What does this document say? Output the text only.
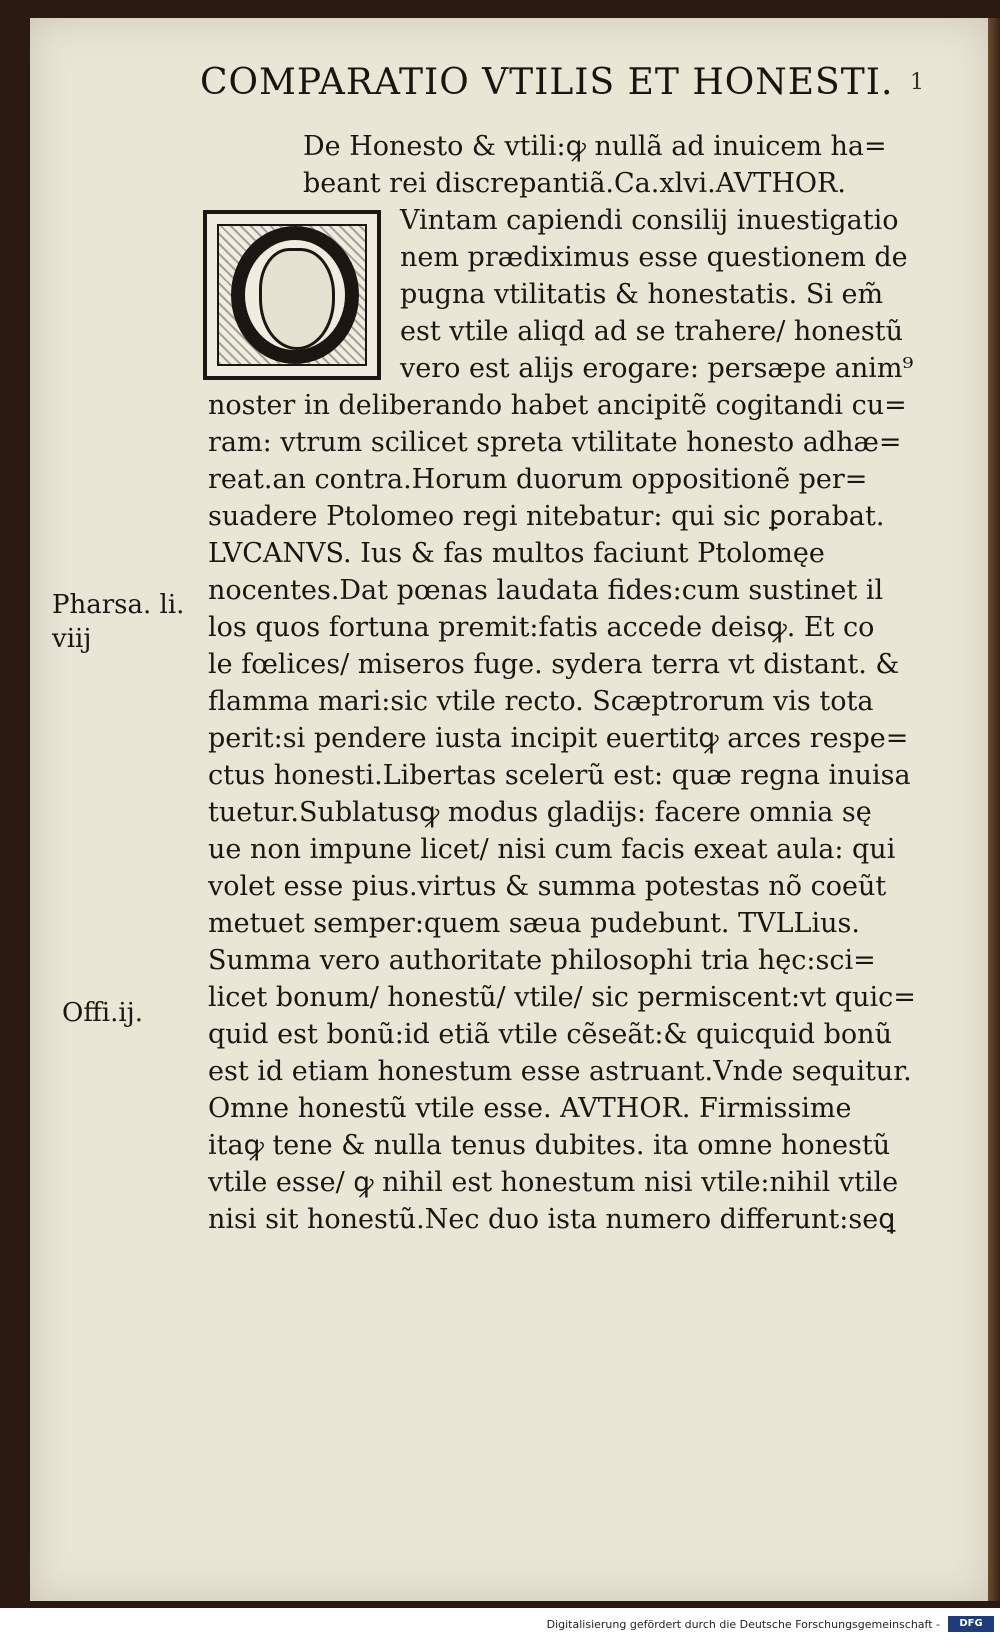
COMPARATIO VTILIS ET HONESTI. 1
De Honesto & vtili:ꝙ nullã ad inuicem ha=
beant rei discrepantiã.Ca.xlvi.AVTHOR.
Vintam capiendi consilij inuestigatio
nem prædiximus esse questionem de
pugna vtilitatis & honestatis. Si em̃
est vtile aliqd ad se trahere/ honestũ
vero est alijs erogare: persæpe anim⁹
noster in deliberando habet ancipitẽ cogitandi cu=
ram: vtrum scilicet spreta vtilitate honesto adhæ=
reat.an contra.Horum duorum oppositionẽ per=
suadere Ptolomeo regi nitebatur: qui sic ꝑorabat.
LVCANVS. Ius & fas multos faciunt Ptolomęe
nocentes.Dat pœnas laudata fides:cum sustinet il
los quos fortuna premit:fatis accede deisꝙ. Et co
le fœlices/ miseros fuge. sydera terra vt distant. &
flamma mari:sic vtile recto. Scæptrorum vis tota
perit:si pendere iusta incipit euertitꝙ arces respe=
ctus honesti.Libertas scelerũ est: quæ regna inuisa
tuetur.Sublatusꝙ modus gladijs: facere omnia sę
ue non impune licet/ nisi cum facis exeat aula: qui
volet esse pius.virtus & summa potestas nõ coeũt
metuet semper:quem sæua pudebunt. TVLLius.
Summa vero authoritate philosophi tria hęc:sci=
licet bonum/ honestũ/ vtile/ sic permiscent:vt quic=
quid est bonũ:id etiã vtile cẽseãt:& quicquid bonũ
est id etiam honestum esse astruant.Vnde sequitur.
Omne honestũ vtile esse. AVTHOR. Firmissime
itaꝙ tene & nulla tenus dubites. ita omne honestũ
vtile esse/ ꝙ nihil est honestum nisi vtile:nihil vtile
nisi sit honestũ.Nec duo ista numero differunt:seꝗ
Pharsa. li.
viij
Offi.ij.
Digitalisierung gefördert durch die Deutsche Forschungsgemeinschaft -	DFG
